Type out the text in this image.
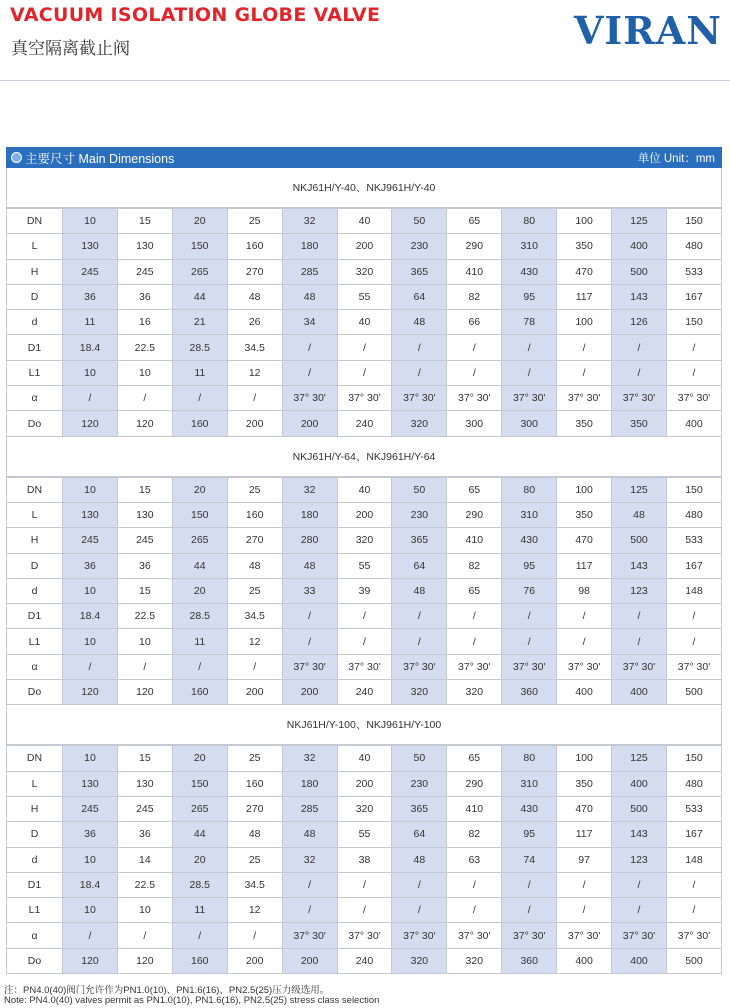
VACUUM ISOLATION GLOBE VALVE
真空隔离截止阀	VIRAN
主要尺寸 Main Dimensions	单位 Unit：mm
NKJ61H/Y-40、NKJ961H/Y-40
DN	10	15	20	25	32	40	50	65	80	100	125	150
L	130	130	150	160	180	200	230	290	310	350	400	480
H	245	245	265	270	285	320	365	410	430	470	500	533
D	36	36	44	48	48	55	64	82	95	117	143	167
d	11	16	21	26	34	40	48	66	78	100	126	150
D1	18.4	22.5	28.5	34.5	/	/	/	/	/	/	/	/
L1	10	10	11	12	/	/	/	/	/	/	/	/
α	/	/	/	/	37° 30'	37° 30'	37° 30'	37° 30'	37° 30'	37° 30'	37° 30'	37° 30'
Do	120	120	160	200	200	240	320	300	300	350	350	400
NKJ61H/Y-64、NKJ961H/Y-64
DN	10	15	20	25	32	40	50	65	80	100	125	150
L	130	130	150	160	180	200	230	290	310	350	48	480
H	245	245	265	270	280	320	365	410	430	470	500	533
D	36	36	44	48	48	55	64	82	95	117	143	167
d	10	15	20	25	33	39	48	65	76	98	123	148
D1	18.4	22.5	28.5	34.5	/	/	/	/	/	/	/	/
L1	10	10	11	12	/	/	/	/	/	/	/	/
α	/	/	/	/	37° 30'	37° 30'	37° 30'	37° 30'	37° 30'	37° 30'	37° 30'	37° 30'
Do	120	120	160	200	200	240	320	320	360	400	400	500
NKJ61H/Y-100、NKJ961H/Y-100
DN	10	15	20	25	32	40	50	65	80	100	125	150
L	130	130	150	160	180	200	230	290	310	350	400	480
H	245	245	265	270	285	320	365	410	430	470	500	533
D	36	36	44	48	48	55	64	82	95	117	143	167
d	10	14	20	25	32	38	48	63	74	97	123	148
D1	18.4	22.5	28.5	34.5	/	/	/	/	/	/	/	/
L1	10	10	11	12	/	/	/	/	/	/	/	/
α	/	/	/	/	37° 30'	37° 30'	37° 30'	37° 30'	37° 30'	37° 30'	37° 30'	37° 30'
Do	120	120	160	200	200	240	320	320	360	400	400	500
注：PN4.0(40)阀门允许作为PN1.0(10)、PN1.6(16)、PN2.5(25)压力级选用。
Note: PN4.0(40) valves permit as PN1.0(10), PN1.6(16), PN2.5(25) stress class selection
